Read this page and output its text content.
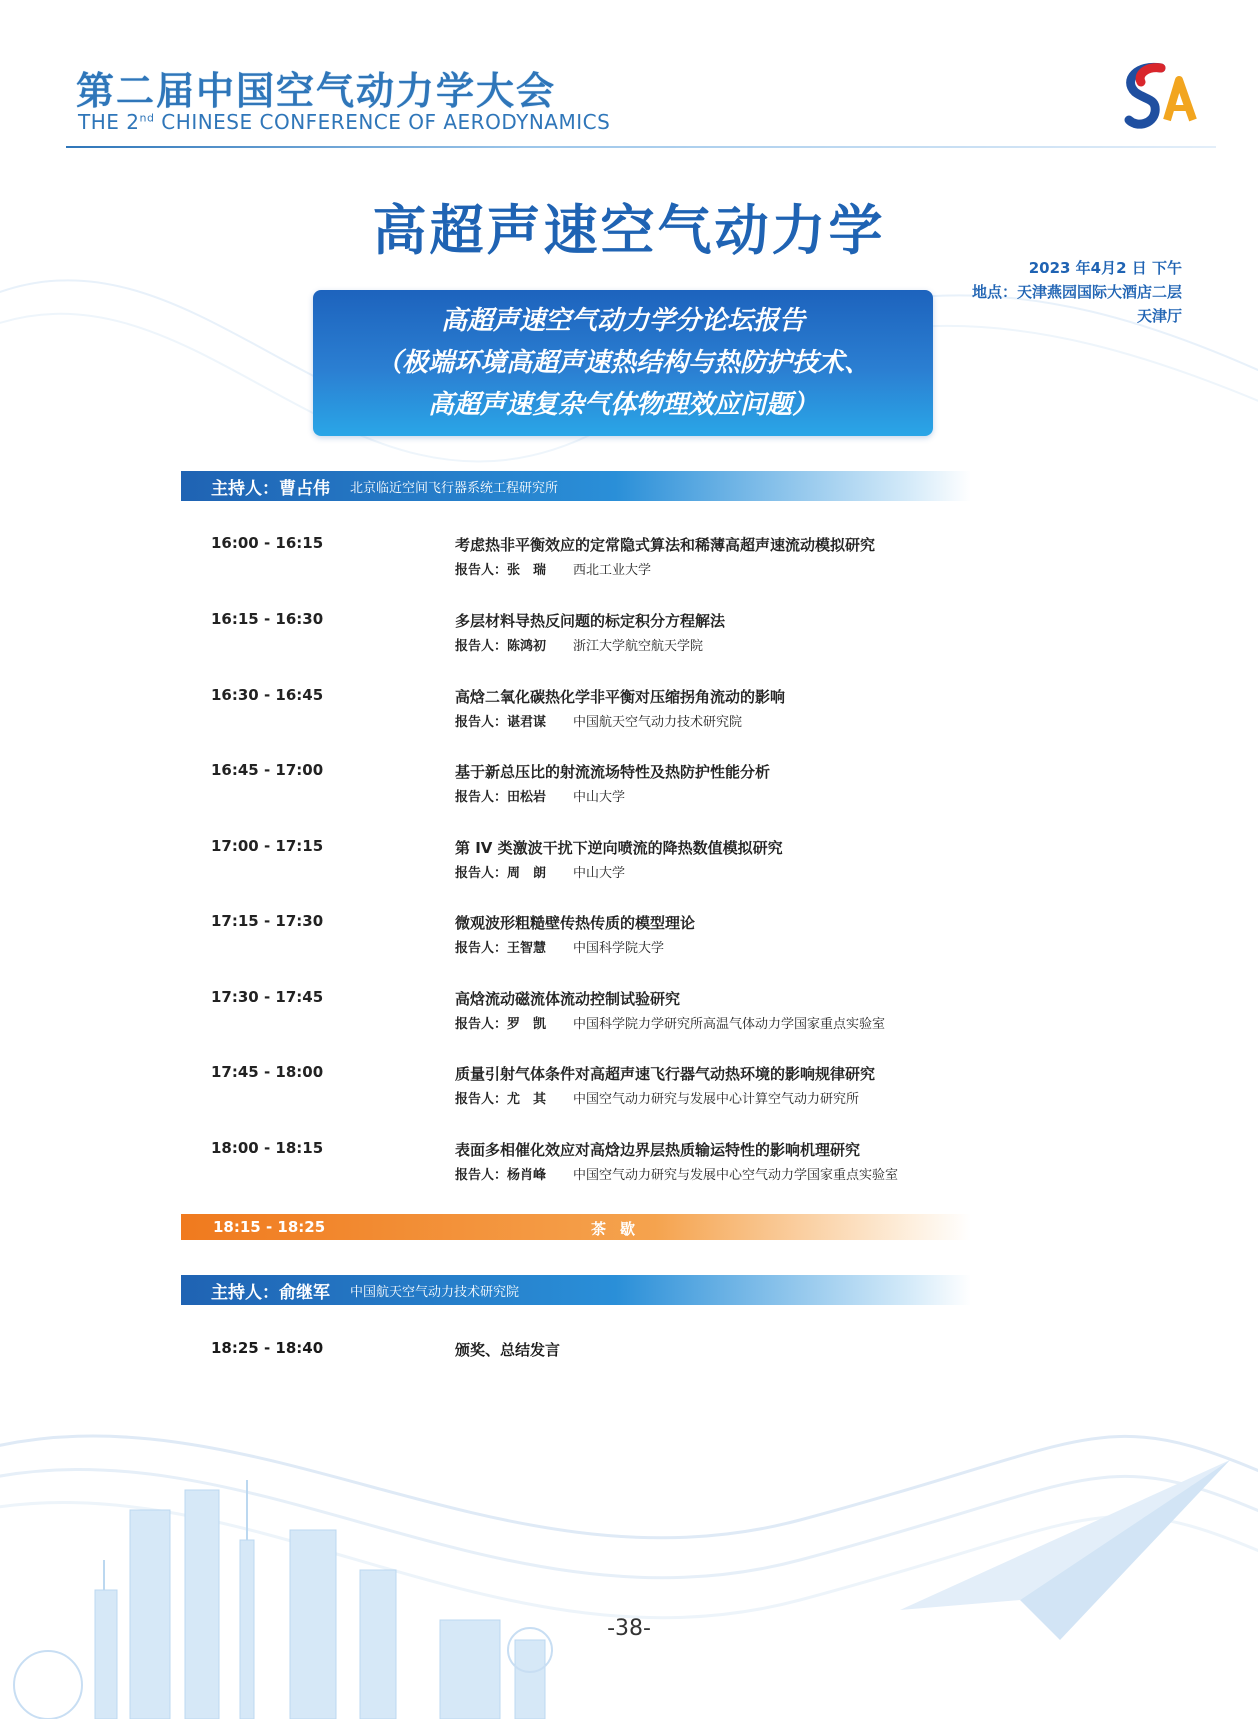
第二届中国空气动力学大会
THE 2nd CHINESE CONFERENCE OF AERODYNAMICS
高超声速空气动力学
2023 年4月2 日 下午
地点：天津燕园国际大酒店二层
天津厅
高超声速空气动力学分论坛报告
（极端环境高超声速热结构与热防护技术、
高超声速复杂气体物理效应问题）
主持人： 曹占伟 北京临近空间飞行器系统工程研究所
16:00 - 16:15	考虑热非平衡效应的定常隐式算法和稀薄高超声速流动模拟研究
报告人：张　瑞 西北工业大学
16:15 - 16:30	多层材料导热反问题的标定积分方程解法
报告人：陈鸿初 浙江大学航空航天学院
16:30 - 16:45	高焓二氧化碳热化学非平衡对压缩拐角流动的影响
报告人：谌君谋 中国航天空气动力技术研究院
16:45 - 17:00	基于新总压比的射流流场特性及热防护性能分析
报告人：田松岩 中山大学
17:00 - 17:15	第 IV 类激波干扰下逆向喷流的降热数值模拟研究
报告人：周　朗 中山大学
17:15 - 17:30	微观波形粗糙壁传热传质的模型理论
报告人：王智慧 中国科学院大学
17:30 - 17:45	高焓流动磁流体流动控制试验研究
报告人：罗　凯 中国科学院力学研究所高温气体动力学国家重点实验室
17:45 - 18:00	质量引射气体条件对高超声速飞行器气动热环境的影响规律研究
报告人：尤　其 中国空气动力研究与发展中心计算空气动力研究所
18:00 - 18:15	表面多相催化效应对高焓边界层热质输运特性的影响机理研究
报告人：杨肖峰 中国空气动力研究与发展中心空气动力学国家重点实验室
18:15 - 18:25	茶歇
主持人： 俞继军 中国航天空气动力技术研究院
18:25 - 18:40	颁奖、总结发言
-38-
